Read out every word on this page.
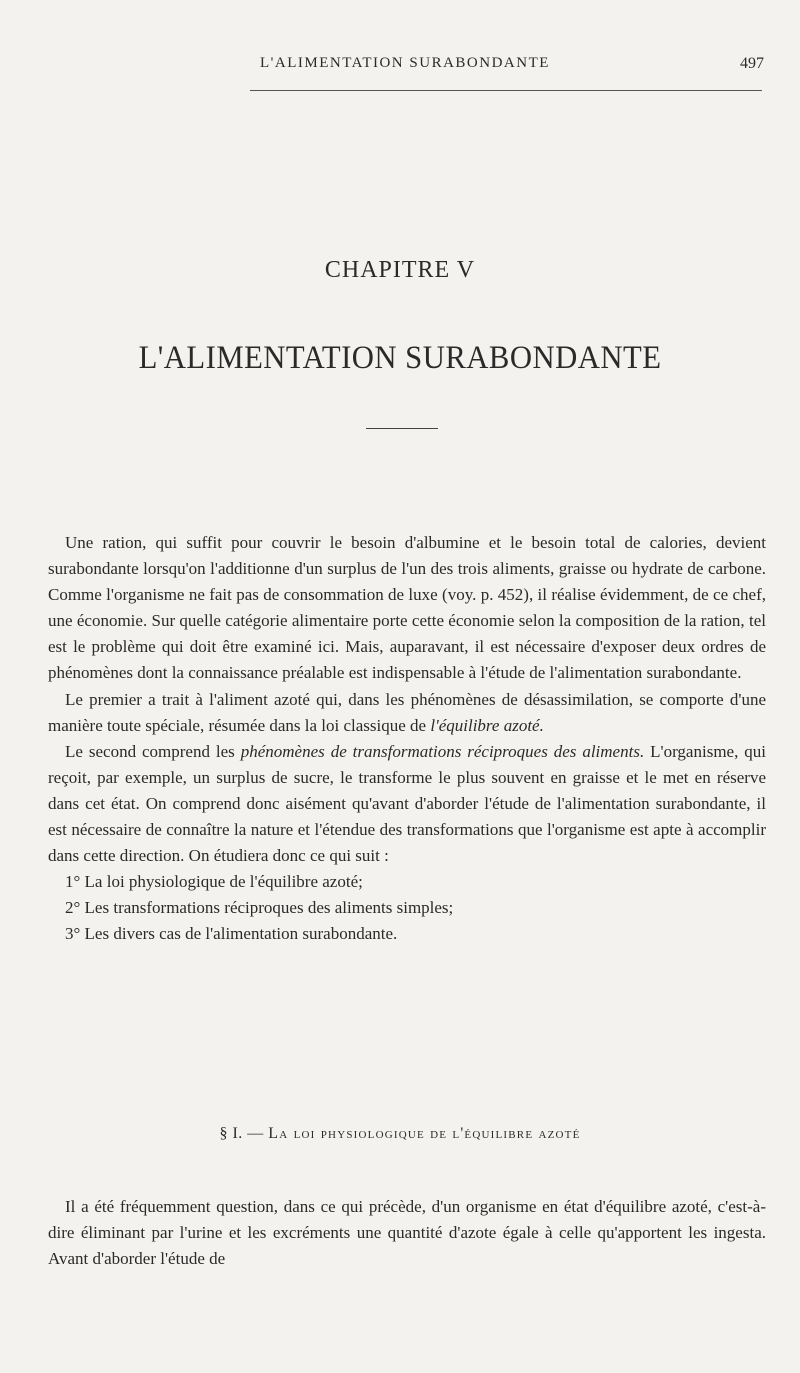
L'ALIMENTATION SURABONDANTE	497
CHAPITRE V
L'ALIMENTATION SURABONDANTE

Une ration, qui suffit pour couvrir le besoin d'albumine et le besoin total de calories, devient surabondante lorsqu'on l'additionne d'un surplus de l'un des trois aliments, graisse ou hydrate de carbone. Comme l'organisme ne fait pas de consommation de luxe (voy. p. 452), il réalise évidemment, de ce chef, une économie. Sur quelle catégorie alimentaire porte cette économie selon la composition de la ration, tel est le problème qui doit être examiné ici. Mais, auparavant, il est nécessaire d'exposer deux ordres de phénomènes dont la connaissance préalable est indispensable à l'étude de l'alimentation surabondante.

Le premier a trait à l'aliment azoté qui, dans les phénomènes de désassimilation, se comporte d'une manière toute spéciale, résumée dans la loi classique de l'équilibre azoté.

Le second comprend les phénomènes de transformations réciproques des aliments. L'organisme, qui reçoit, par exemple, un surplus de sucre, le transforme le plus souvent en graisse et le met en réserve dans cet état. On comprend donc aisément qu'avant d'aborder l'étude de l'alimentation surabondante, il est nécessaire de connaître la nature et l'étendue des transformations que l'organisme est apte à accomplir dans cette direction. On étudiera donc ce qui suit :

1° La loi physiologique de l'équilibre azoté;

2° Les transformations réciproques des aliments simples;

3° Les divers cas de l'alimentation surabondante.

§ I. — La loi physiologique de l'équilibre azoté

Il a été fréquemment question, dans ce qui précède, d'un organisme en état d'équilibre azoté, c'est-à-dire éliminant par l'urine et les excréments une quantité d'azote égale à celle qu'apportent les ingesta. Avant d'aborder l'étude de
